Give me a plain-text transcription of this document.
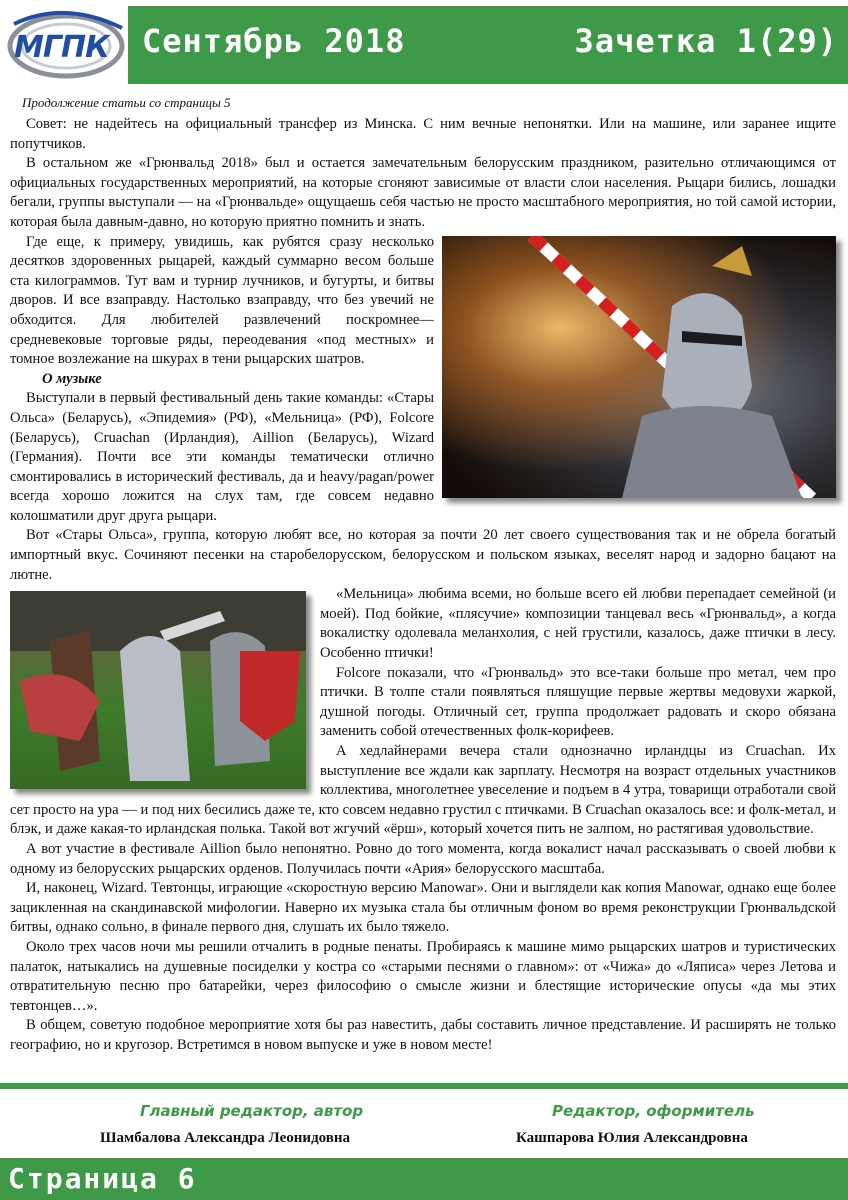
МГПК Сентябрь 2018	Зачетка 1(29)
Продолжение статьи со страницы 5

Совет: не надейтесь на официальный трансфер из Минска. С ним вечные непонятки. Или на машине, или заранее ищите попутчиков.

В остальном же «Грюнвальд 2018» был и остается замечательным белорусским праздником, разительно отличающимся от официальных государственных мероприятий, на которые сгоняют зависимые от власти слои населения. Рыцари бились, лошадки бегали, группы выступали — на «Грюнвальде» ощущаешь себя частью не просто масштабного мероприятия, но той самой истории, которая была давным-давно, но которую приятно помнить и знать.

Где еще, к примеру, увидишь, как рубятся сразу несколько десятков здоровенных рыцарей, каждый суммарно весом больше ста килограммов. Тут вам и турнир лучников, и бугурты, и битвы дворов. И все взаправду. Настолько взаправду, что без увечий не обходится. Для любителей развлечений поскромнее—средневековые торговые ряды, переодевания «под местных» и томное возлежание на шкурах в тени рыцарских шатров.

О музыке

Выступали в первый фестивальный день такие команды: «Стары Ольса» (Беларусь), «Эпидемия» (РФ), «Мельница» (РФ), Folcore (Беларусь), Cruachan (Ирландия), Aillion (Беларусь), Wizard (Германия). Почти все эти команды тематически отлично смонтировались в исторический фестиваль, да и heavy/pagan/power всегда хорошо ложится на слух там, где совсем недавно колошматили друг друга рыцари.

Вот «Стары Ольса», группа, которую любят все, но которая за почти 20 лет своего существования так и не обрела богатый импортный вкус. Сочиняют песенки на старобелорусском, белорусском и польском языках, веселят народ и задорно бацают на лютне.

«Мельница» любима всеми, но больше всего ей любви перепадает семейной (и моей). Под бойкие, «плясучие» композиции танцевал весь «Грюнвальд», а когда вокалистку одолевала меланхолия, с ней грустили, казалось, даже птички в лесу. Особенно птички!

Folcore показали, что «Грюнвальд» это все-таки больше про метал, чем про птички. В толпе стали появляться пляшущие первые жертвы медовухи жаркой, душной погоды. Отличный сет, группа продолжает радовать и скоро обязана заменить собой отечественных фолк-корифеев.

А хедлайнерами вечера стали однозначно ирландцы из Cruachan. Их выступление все ждали как зарплату. Несмотря на возраст отдельных участников коллектива, многолетнее увеселение и подъем в 4 утра, товарищи отработали свой сет просто на ура — и под них бесились даже те, кто совсем недавно грустил с птичками. В Cruachan оказалось все: и фолк-метал, и блэк, и даже какая-то ирландская полька. Такой вот жгучий «ёрш», который хочется пить не залпом, но растягивая удовольствие.

А вот участие в фестивале Aillion было непонятно. Ровно до того момента, когда вокалист начал рассказывать о своей любви к одному из белорусских рыцарских орденов. Получилась почти «Ария» белорусского масштаба.

И, наконец, Wizard. Тевтонцы, играющие «скоростную версию Manowar». Они и выглядели как копия Manowar, однако еще более зацикленная на скандинавской мифологии. Наверно их музыка стала бы отличным фоном во время реконструкции Грюнвальдской битвы, однако сольно, в финале первого дня, слушать их было тяжело.

Около трех часов ночи мы решили отчалить в родные пенаты. Пробираясь к машине мимо рыцарских шатров и туристических палаток, натыкались на душевные посиделки у костра со «старыми песнями о главном»: от «Чижа» до «Ляписа» через Летова и отвратительную песню про батарейки, через философию о смысле жизни и блестящие исторические опусы «да мы этих тевтонцев…».

В общем, советую подобное мероприятие хотя бы раз навестить, дабы составить личное представление. И расширять не только географию, но и кругозор. Встретимся в новом выпуске и уже в новом месте!

Главный редактор, автор
Шамбалова Александра Леонидовна
Редактор, оформитель
Кашпарова Юлия Александровна
Страница 6
